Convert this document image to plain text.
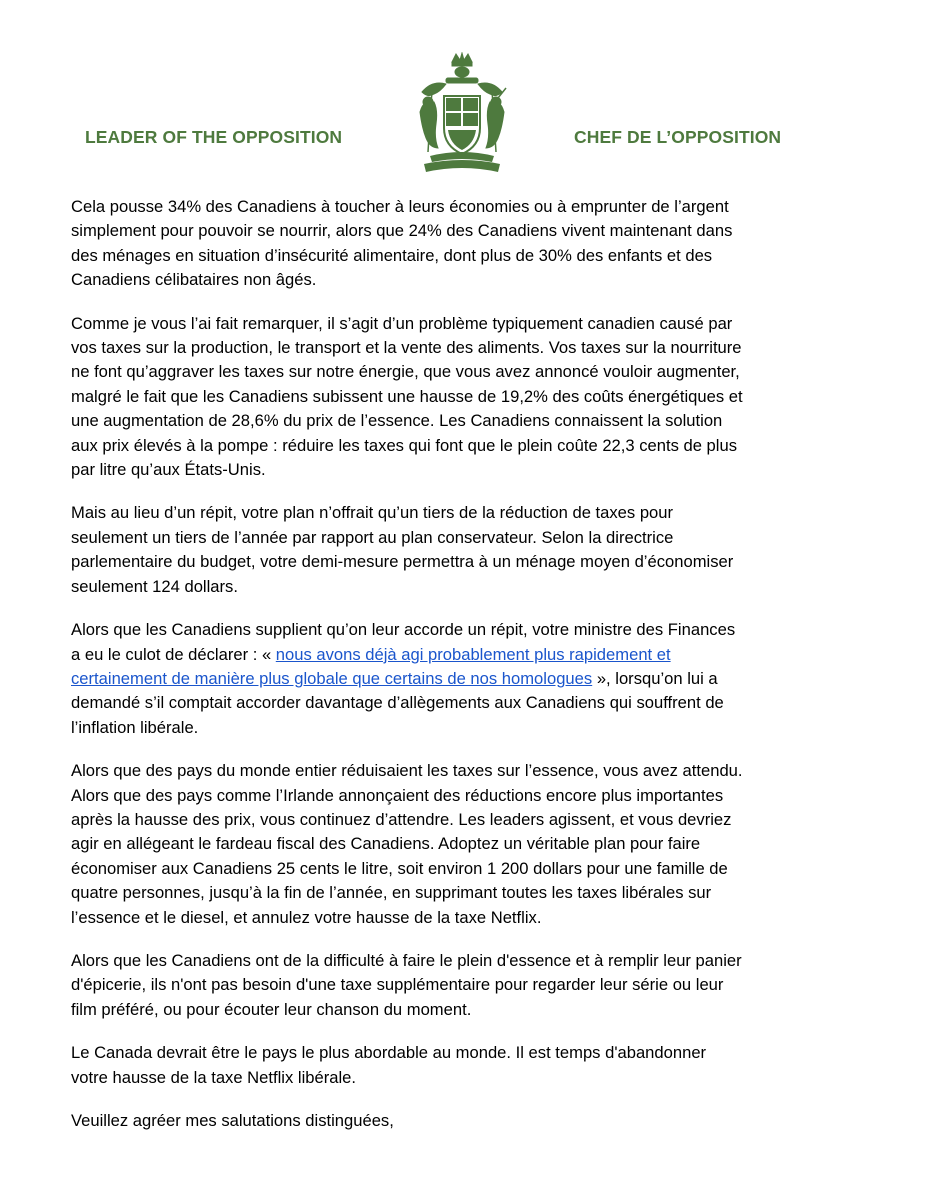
LEADER OF THE OPPOSITION	CHEF DE L’OPPOSITION

Cela pousse 34% des Canadiens à toucher à leurs économies ou à emprunter de l’argent
simplement pour pouvoir se nourrir, alors que 24% des Canadiens vivent maintenant dans
des ménages en situation d’insécurité alimentaire, dont plus de 30% des enfants et des
Canadiens célibataires non âgés.

Comme je vous l’ai fait remarquer, il s’agit d’un problème typiquement canadien causé par
vos taxes sur la production, le transport et la vente des aliments. Vos taxes sur la nourriture
ne font qu’aggraver les taxes sur notre énergie, que vous avez annoncé vouloir augmenter,
malgré le fait que les Canadiens subissent une hausse de 19,2% des coûts énergétiques et
une augmentation de 28,6% du prix de l’essence. Les Canadiens connaissent la solution
aux prix élevés à la pompe : réduire les taxes qui font que le plein coûte 22,3 cents de plus
par litre qu’aux États-Unis.

Mais au lieu d’un répit, votre plan n’offrait qu’un tiers de la réduction de taxes pour
seulement un tiers de l’année par rapport au plan conservateur. Selon la directrice
parlementaire du budget, votre demi-mesure permettra à un ménage moyen d’économiser
seulement 124 dollars.

Alors que les Canadiens supplient qu’on leur accorde un répit, votre ministre des Finances
a eu le culot de déclarer : « nous avons déjà agi probablement plus rapidement et
certainement de manière plus globale que certains de nos homologues », lorsqu’on lui a
demandé s’il comptait accorder davantage d’allègements aux Canadiens qui souffrent de
l’inflation libérale.

Alors que des pays du monde entier réduisaient les taxes sur l’essence, vous avez attendu.
Alors que des pays comme l’Irlande annonçaient des réductions encore plus importantes
après la hausse des prix, vous continuez d’attendre. Les leaders agissent, et vous devriez
agir en allégeant le fardeau fiscal des Canadiens. Adoptez un véritable plan pour faire
économiser aux Canadiens 25 cents le litre, soit environ 1 200 dollars pour une famille de
quatre personnes, jusqu’à la fin de l’année, en supprimant toutes les taxes libérales sur
l’essence et le diesel, et annulez votre hausse de la taxe Netflix.

Alors que les Canadiens ont de la difficulté à faire le plein d'essence et à remplir leur panier
d'épicerie, ils n'ont pas besoin d'une taxe supplémentaire pour regarder leur série ou leur
film préféré, ou pour écouter leur chanson du moment.

Le Canada devrait être le pays le plus abordable au monde. Il est temps d'abandonner
votre hausse de la taxe Netflix libérale.

Veuillez agréer mes salutations distinguées,
